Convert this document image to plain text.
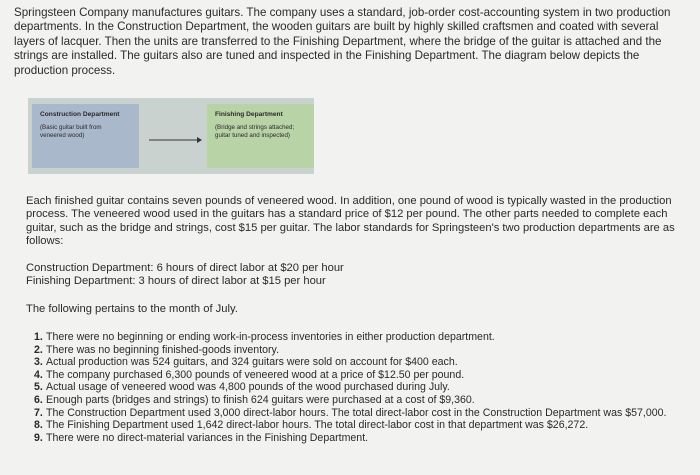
Springsteen Company manufactures guitars. The company uses a standard, job-order cost-accounting system in two production departments. In the Construction Department, the wooden guitars are built by highly skilled craftsmen and coated with several layers of lacquer. Then the units are transferred to the Finishing Department, where the bridge of the guitar is attached and the strings are installed. The guitars also are tuned and inspected in the Finishing Department. The diagram below depicts the production process.
Construction Department
(Basic guitar built from veneered wood)
Finishing Department
(Bridge and strings attached; guitar tuned and inspected)
Each finished guitar contains seven pounds of veneered wood. In addition, one pound of wood is typically wasted in the production process. The veneered wood used in the guitars has a standard price of $12 per pound. The other parts needed to complete each guitar, such as the bridge and strings, cost $15 per guitar. The labor standards for Springsteen's two production departments are as follows:
Construction Department: 6 hours of direct labor at $20 per hour
Finishing Department: 3 hours of direct labor at $15 per hour
The following pertains to the month of July.
1. There were no beginning or ending work-in-process inventories in either production department.
2. There was no beginning finished-goods inventory.
3. Actual production was 524 guitars, and 324 guitars were sold on account for $400 each.
4. The company purchased 6,300 pounds of veneered wood at a price of $12.50 per pound.
5. Actual usage of veneered wood was 4,800 pounds of the wood purchased during July.
6. Enough parts (bridges and strings) to finish 624 guitars were purchased at a cost of $9,360.
7. The Construction Department used 3,000 direct-labor hours. The total direct-labor cost in the Construction Department was $57,000.
8. The Finishing Department used 1,642 direct-labor hours. The total direct-labor cost in that department was $26,272.
9. There were no direct-material variances in the Finishing Department.
